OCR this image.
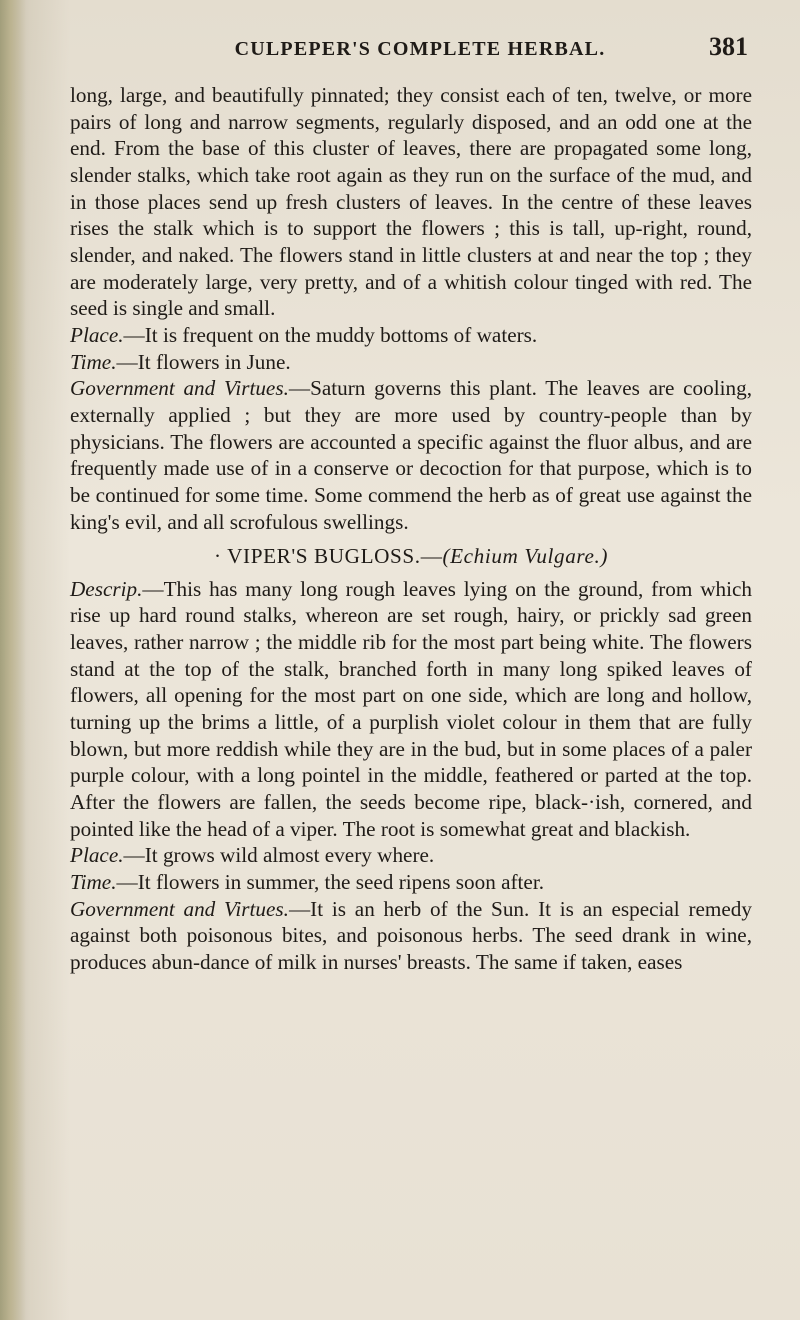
CULPEPER'S COMPLETE HERBAL.	381

long, large, and beautifully pinnated; they consist each of ten, twelve, or more pairs of long and narrow segments, regularly disposed, and an odd one at the end. From the base of this cluster of leaves, there are propagated some long, slender stalks, which take root again as they run on the surface of the mud, and in those places send up fresh clusters of leaves. In the centre of these leaves rises the stalk which is to support the flowers ; this is tall, up-right, round, slender, and naked. The flowers stand in little clusters at and near the top ; they are moderately large, very pretty, and of a whitish colour tinged with red. The seed is single and small.

Place.—It is frequent on the muddy bottoms of waters.

Time.—It flowers in June.

Government and Virtues.—Saturn governs this plant. The leaves are cooling, externally applied ; but they are more used by country-people than by physicians. The flowers are accounted a specific against the fluor albus, and are frequently made use of in a conserve or decoction for that purpose, which is to be continued for some time. Some commend the herb as of great use against the king's evil, and all scrofulous swellings.

· VIPER'S BUGLOSS.—(Echium Vulgare.)

Descrip.—This has many long rough leaves lying on the ground, from which rise up hard round stalks, whereon are set rough, hairy, or prickly sad green leaves, rather narrow ; the middle rib for the most part being white. The flowers stand at the top of the stalk, branched forth in many long spiked leaves of flowers, all opening for the most part on one side, which are long and hollow, turning up the brims a little, of a purplish violet colour in them that are fully blown, but more reddish while they are in the bud, but in some places of a paler purple colour, with a long pointel in the middle, feathered or parted at the top. After the flowers are fallen, the seeds become ripe, black-·ish, cornered, and pointed like the head of a viper. The root is somewhat great and blackish.

Place.—It grows wild almost every where.

Time.—It flowers in summer, the seed ripens soon after.

Government and Virtues.—It is an herb of the Sun. It is an especial remedy against both poisonous bites, and poisonous herbs. The seed drank in wine, produces abun-dance of milk in nurses' breasts. The same if taken, eases
